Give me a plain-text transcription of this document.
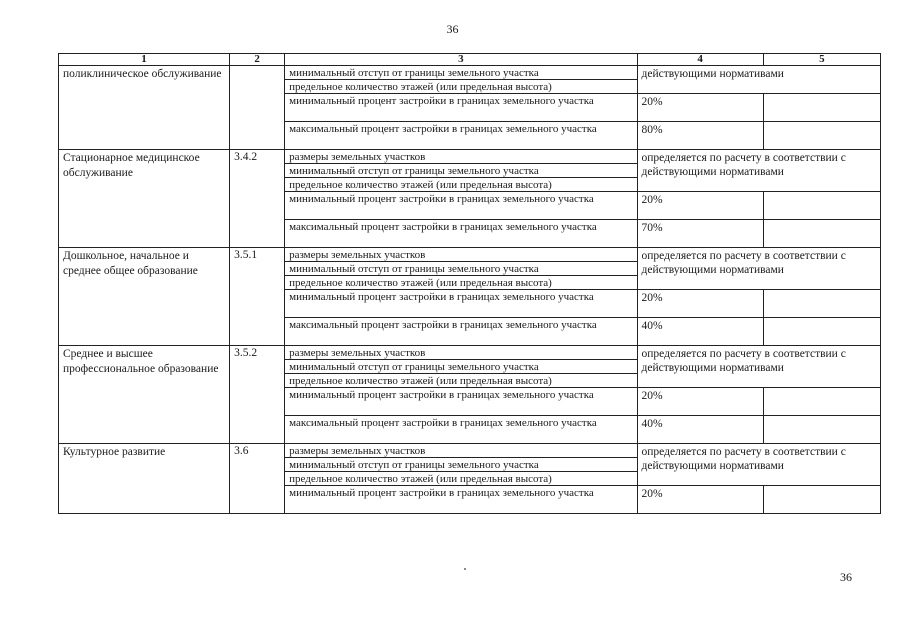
36
1	2	3	4	5
поликлиническое обслуживание		минимальный отступ от границы земельного участка	действующими нормативами	
		предельное количество этажей (или предельная высота)		
		минимальный процент застройки в границах земельного участка	20%	
		максимальный процент застройки в границах земельного участка	80%	
Стационарное медицинское обслуживание	3.4.2	размеры земельных участков	определяется по расчету в соответствии с действующими нормативами	
		минимальный отступ от границы земельного участка		
		предельное количество этажей (или предельная высота)		
		минимальный процент застройки в границах земельного участка	20%	
		максимальный процент застройки в границах земельного участка	70%	
Дошкольное, начальное и среднее общее образование	3.5.1	размеры земельных участков	определяется по расчету в соответствии с действующими нормативами	
		минимальный отступ от границы земельного участка		
		предельное количество этажей (или предельная высота)		
		минимальный процент застройки в границах земельного участка	20%	
		максимальный процент застройки в границах земельного участка	40%	
Среднее и высшее профессиональное образование	3.5.2	размеры земельных участков	определяется по расчету в соответствии с действующими нормативами	
		минимальный отступ от границы земельного участка		
		предельное количество этажей (или предельная высота)		
		минимальный процент застройки в границах земельного участка	20%	
		максимальный процент застройки в границах земельного участка	40%	
Культурное развитие	3.6	размеры земельных участков	определяется по расчету в соответствии с действующими нормативами	
		минимальный отступ от границы земельного участка		
		предельное количество этажей (или предельная высота)		
		минимальный процент застройки в границах земельного участка	20%	
36
